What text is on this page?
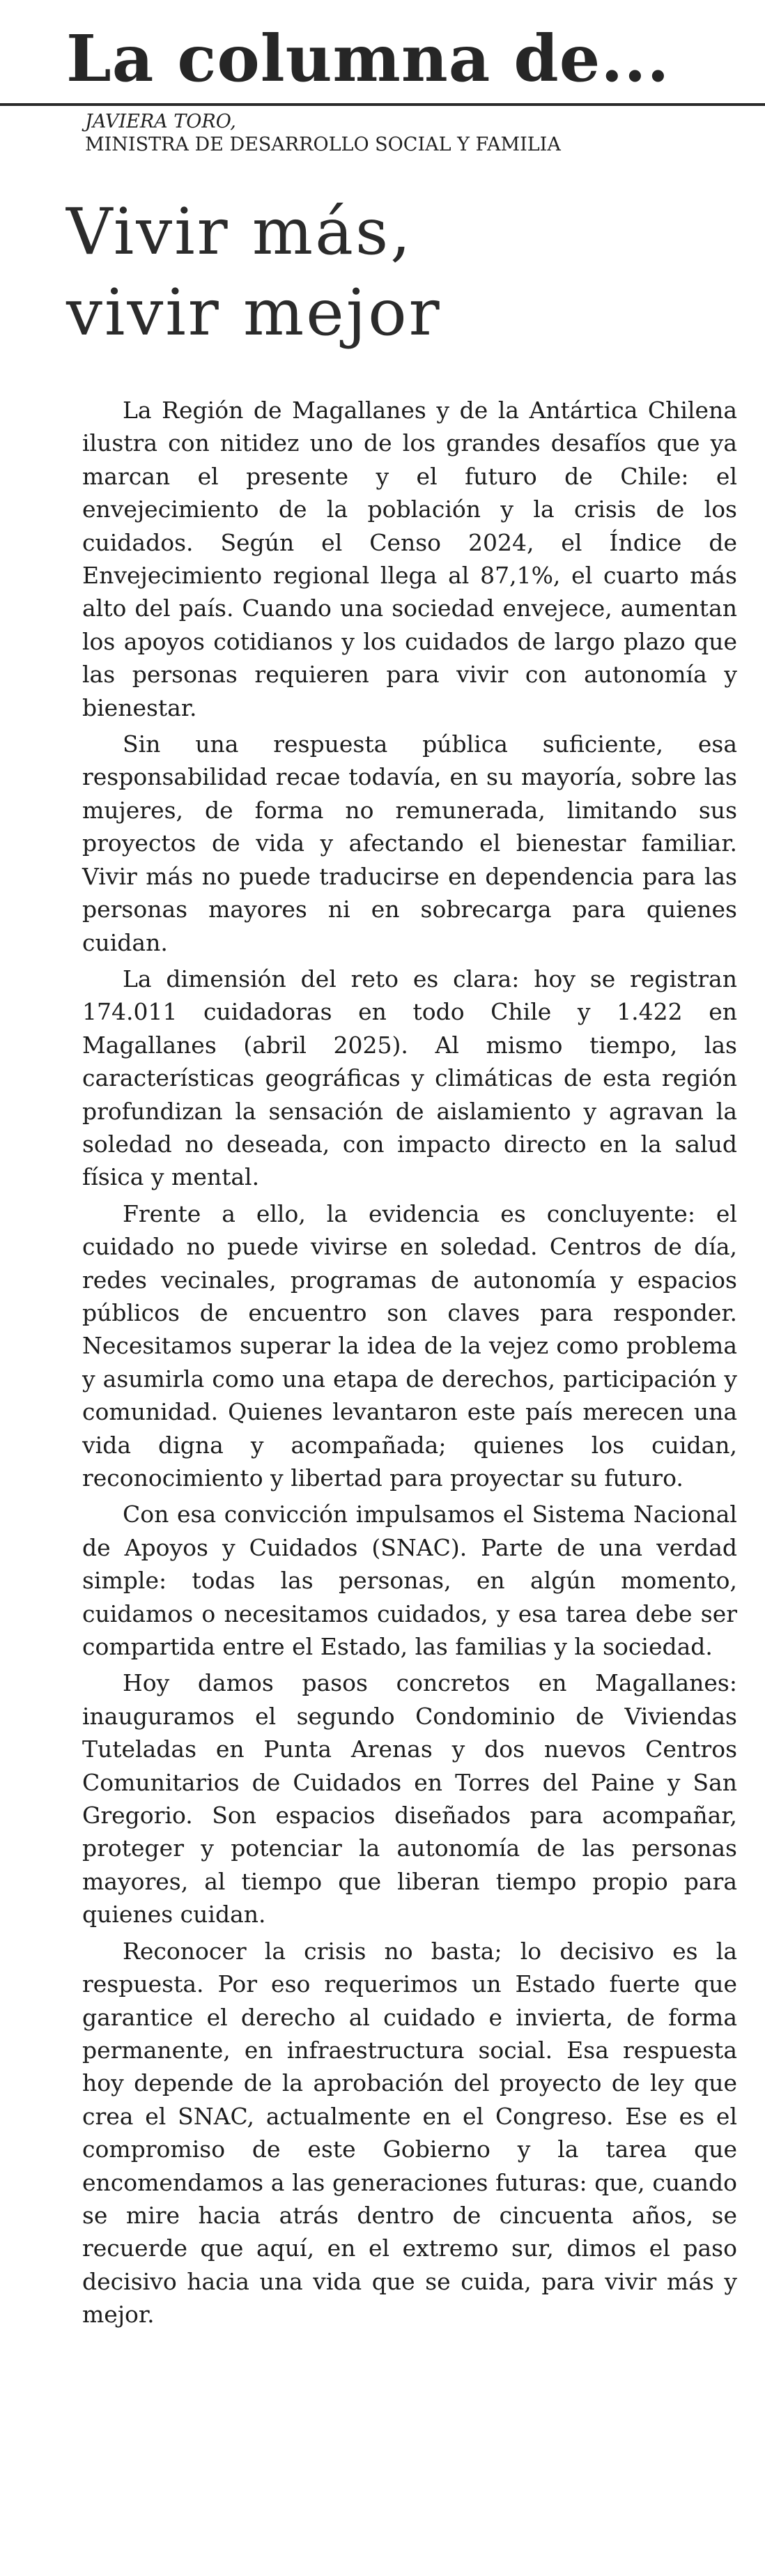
La columna de...
JAVIERA TORO,
MINISTRA DE DESARROLLO SOCIAL Y FAMILIA
Vivir más,
vivir mejor

La Región de Magallanes y de la Antártica Chilena ilustra con nitidez uno de los grandes desafíos que ya marcan el presente y el futuro de Chile: el envejecimiento de la población y la crisis de los cuidados. Según el Censo 2024, el Índice de Envejecimiento regional llega al 87,1%, el cuarto más alto del país. Cuando una sociedad envejece, aumentan los apoyos cotidianos y los cuidados de largo plazo que las personas requieren para vivir con autonomía y bienestar.

Sin una respuesta pública suficiente, esa responsabilidad recae todavía, en su mayoría, sobre las mujeres, de forma no remunerada, limitando sus proyectos de vida y afectando el bienestar familiar. Vivir más no puede traducirse en dependencia para las personas mayores ni en sobrecarga para quienes cuidan.

La dimensión del reto es clara: hoy se registran 174.011 cuidadoras en todo Chile y 1.422 en Magallanes (abril 2025). Al mismo tiempo, las características geográficas y climáticas de esta región profundizan la sensación de aislamiento y agravan la soledad no deseada, con impacto directo en la salud física y mental.

Frente a ello, la evidencia es concluyente: el cuidado no puede vivirse en soledad. Centros de día, redes vecinales, programas de autonomía y espacios públicos de encuentro son claves para responder. Necesitamos superar la idea de la vejez como problema y asumirla como una etapa de derechos, participación y comunidad. Quienes levantaron este país merecen una vida digna y acompañada; quienes los cuidan, reconocimiento y libertad para proyectar su futuro.

Con esa convicción impulsamos el Sistema Nacional de Apoyos y Cuidados (SNAC). Parte de una verdad simple: todas las personas, en algún momento, cuidamos o necesitamos cuidados, y esa tarea debe ser compartida entre el Estado, las familias y la sociedad.

Hoy damos pasos concretos en Magallanes: inauguramos el segundo Condominio de Viviendas Tuteladas en Punta Arenas y dos nuevos Centros Comunitarios de Cuidados en Torres del Paine y San Gregorio. Son espacios diseñados para acompañar, proteger y potenciar la autonomía de las personas mayores, al tiempo que liberan tiempo propio para quienes cuidan.

Reconocer la crisis no basta; lo decisivo es la respuesta. Por eso requerimos un Estado fuerte que garantice el derecho al cuidado e invierta, de forma permanente, en infraestructura social. Esa respuesta hoy depende de la aprobación del proyecto de ley que crea el SNAC, actualmente en el Congreso. Ese es el compromiso de este Gobierno y la tarea que encomendamos a las generaciones futuras: que, cuando se mire hacia atrás dentro de cincuenta años, se recuerde que aquí, en el extremo sur, dimos el paso decisivo hacia una vida que se cuida, para vivir más y mejor.
